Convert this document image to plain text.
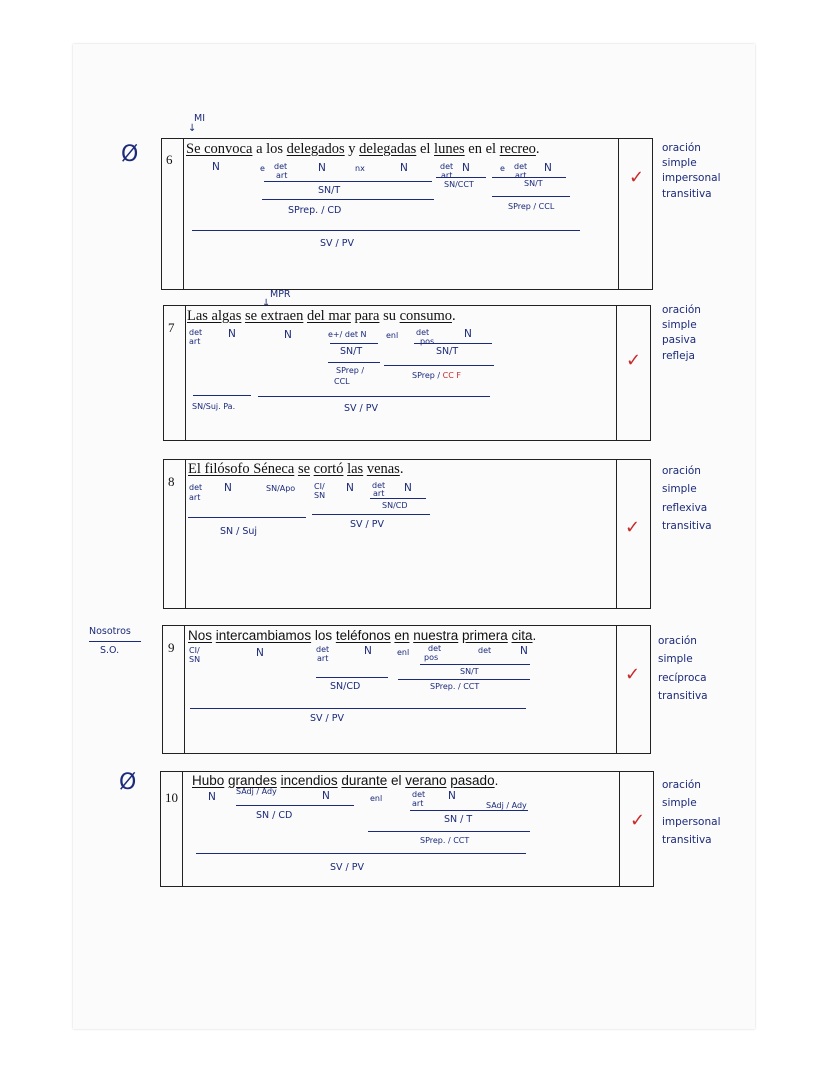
MI
↓
Ø 6
Se convoca a los delegados y delegadas el lunes en el recreo.
N	e det
art
N	nx	N	det
art
N	e det
art
N
SN/T
SN/CCT	SN/T
SPrep. / CD	SPrep / CCL
SV / PV
✓
oración
simple
impersonal
transitiva
MPR
↓
7
Las algas se extraen del mar para su consumo.
det
art
N	N	e+/ det N enl det
pos
N
SN/T	SN/T
SPrep /
CCL
SPrep / CC F
SN/Suj. Pa.	SV / PV
✓
oración
simple
pasiva
refleja
8
El filósofo Séneca se cortó las venas.
det
art
N	SN/Apo CI/
SN
N det
art N
SN/CD
SN / Suj
SV / PV	✓
oración
simple
reflexiva
transitiva
Nosotros
S.O.	9
Nos intercambiamos los teléfonos en nuestra primera cita.
CI/
SN
N	det
art
N	enl det
pos
det	N
SN/T
SN/CD	SPrep. / CCT
SV / PV
✓
oración
simple
recíproca
transitiva
Ø
10
Hubo grandes incendios durante el verano pasado.
N	SAdj / Ady	N	enl	det
art
N
SAdj / Ady
SN / CD	SN / T
SPrep. / CCT
SV / PV
✓
oración
simple
impersonal
transitiva
